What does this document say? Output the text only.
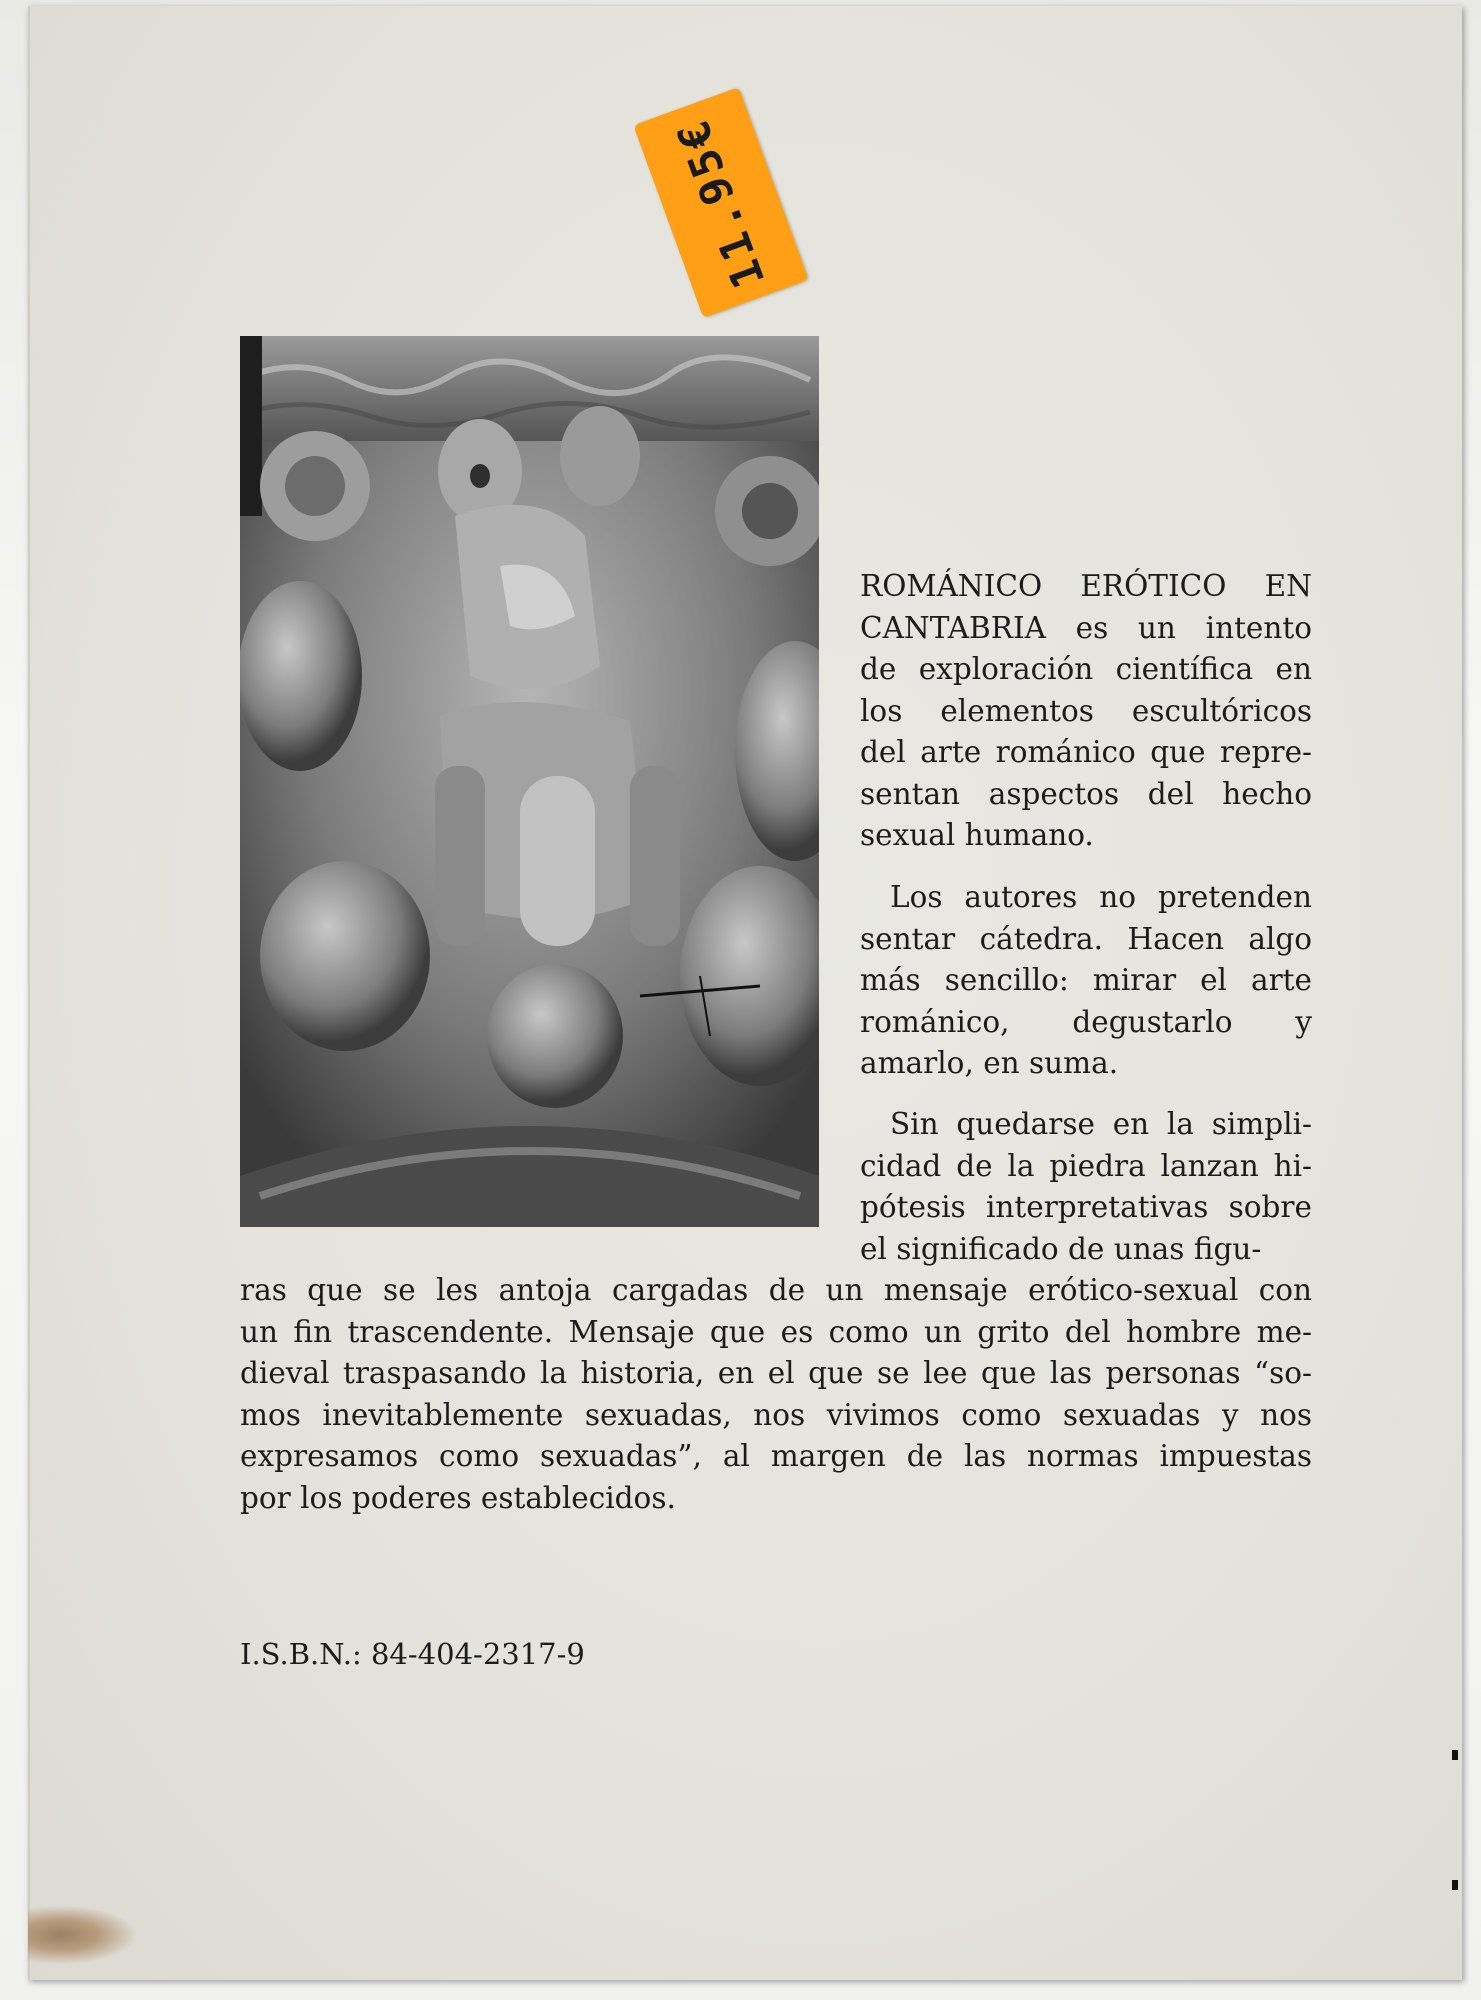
11.95€
ROMÁNICO ERÓTICO EN
CANTABRIA es un intento
de exploración científica en
los elementos escultóricos
del arte románico que repre-
sentan aspectos del hecho
sexual humano.
Los autores no pretenden
sentar cátedra. Hacen algo
más sencillo: mirar el arte
románico, degustarlo y
amarlo, en suma.
Sin quedarse en la simpli-
cidad de la piedra lanzan hi-
pótesis interpretativas sobre
el significado de unas figu-
ras que se les antoja cargadas de un mensaje erótico-sexual con
un fin trascendente. Mensaje que es como un grito del hombre me-
dieval traspasando la historia, en el que se lee que las personas “so-
mos inevitablemente sexuadas, nos vivimos como sexuadas y nos
expresamos como sexuadas”, al margen de las normas impuestas
por los poderes establecidos.

I.S.B.N.: 84-404-2317-9
